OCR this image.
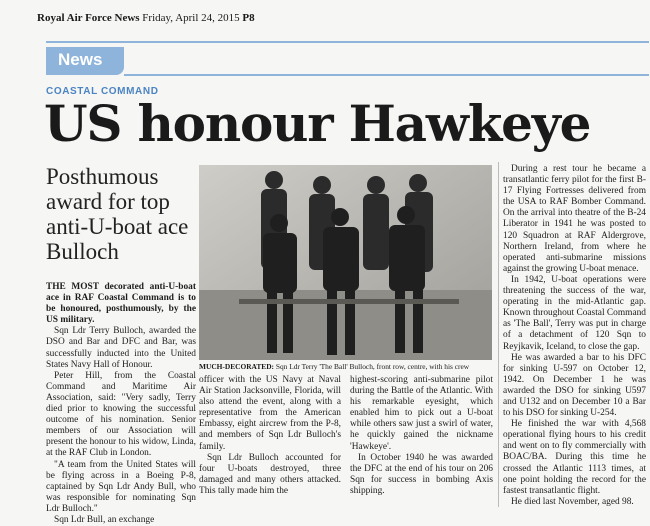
Royal Air Force News Friday, April 24, 2015 P8
News
COASTAL COMMAND
US honour Hawkeye
Posthumous award for top anti-U-boat ace Bulloch

THE MOST decorated anti-U-boat ace in RAF Coastal Command is to be honoured, posthumously, by the US military.

Sqn Ldr Terry Bulloch, awarded the DSO and Bar and DFC and Bar, was successfully inducted into the United States Navy Hall of Honour.

Peter Hill, from the Coastal Command and Maritime Air Association, said: "Very sadly, Terry died prior to knowing the successful outcome of his nomination. Senior members of our Association will present the honour to his widow, Linda, at the RAF Club in London.

"A team from the United States will be flying across in a Boeing P-8, captained by Sqn Ldr Andy Bull, who was responsible for nominating Sqn Ldr Bulloch."

Sqn Ldr Bull, an exchange

MUCH-DECORATED: Sqn Ldr Terry 'The Ball' Bulloch, front row, centre, with his crew

officer with the US Navy at Naval Air Station Jacksonville, Florida, will also attend the event, along with a representative from the American Embassy, eight aircrew from the P-8, and members of Sqn Ldr Bulloch's family.

Sqn Ldr Bulloch accounted for four U-boats destroyed, three damaged and many others attacked. This tally made him the

highest-scoring anti-submarine pilot during the Battle of the Atlantic. With his remarkable eyesight, which enabled him to pick out a U-boat while others saw just a swirl of water, he quickly gained the nickname 'Hawkeye'.

In October 1940 he was awarded the DFC at the end of his tour on 206 Sqn for success in bombing Axis shipping.

During a rest tour he became a transatlantic ferry pilot for the first B-17 Flying Fortresses delivered from the USA to RAF Bomber Command. On the arrival into theatre of the B-24 Liberator in 1941 he was posted to 120 Squadron at RAF Aldergrove, Northern Ireland, from where he operated anti-submarine missions against the growing U-boat menace.

In 1942, U-boat operations were threatening the success of the war, operating in the mid-Atlantic gap. Known throughout Coastal Command as 'The Ball', Terry was put in charge of a detachment of 120 Sqn to Reyjkavik, Iceland, to close the gap.

He was awarded a bar to his DFC for sinking U-597 on October 12, 1942. On December 1 he was awarded the DSO for sinking U597 and U132 and on December 10 a Bar to his DSO for sinking U-254.

He finished the war with 4,568 operational flying hours to his credit and went on to fly commercially with BOAC/BA. During this time he crossed the Atlantic 1113 times, at one point holding the record for the fastest transatlantic flight.

He died last November, aged 98.
